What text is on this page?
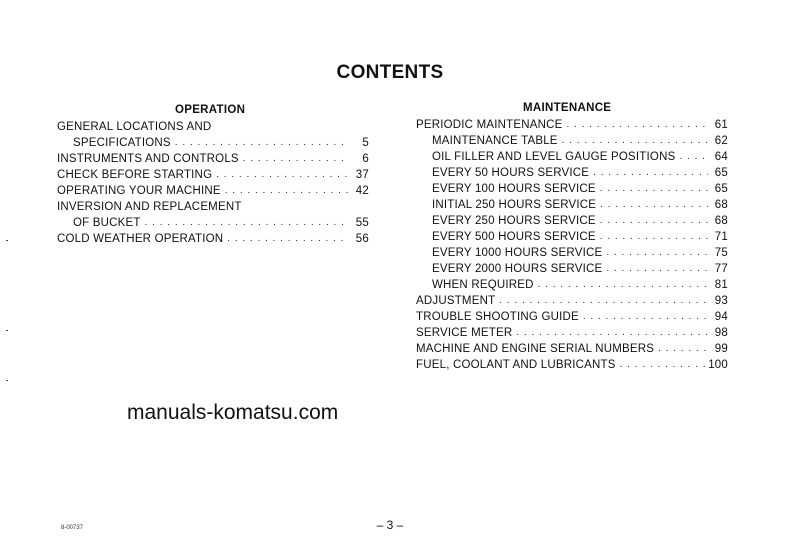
CONTENTS
OPERATION
GENERAL LOCATIONS AND
SPECIFICATIONS . . .	5
INSTRUMENTS AND CONTROLS . . .	6
CHECK BEFORE STARTING . . .	37
OPERATING YOUR MACHINE . . .	42
INVERSION AND REPLACEMENT
OF BUCKET . . .	55
COLD WEATHER OPERATION . . .	56
MAINTENANCE
PERIODIC MAINTENANCE . . .	61
MAINTENANCE TABLE . . .	62
OIL FILLER AND LEVEL GAUGE POSITIONS . . .	64
EVERY 50 HOURS SERVICE . . .	65
EVERY 100 HOURS SERVICE . . .	65
INITIAL 250 HOURS SERVICE . . .	68
EVERY 250 HOURS SERVICE . . .	68
EVERY 500 HOURS SERVICE . . .	71
EVERY 1000 HOURS SERVICE . . .	75
EVERY 2000 HOURS SERVICE . . .	77
WHEN REQUIRED . . .	81
ADJUSTMENT . . .	93
TROUBLE SHOOTING GUIDE . . .	94
SERVICE METER . . .	98
MACHINE AND ENGINE SERIAL NUMBERS . . .	99
FUEL, COOLANT AND LUBRICANTS . . .	100
manuals-komatsu.com
– 3 –
8-00737
